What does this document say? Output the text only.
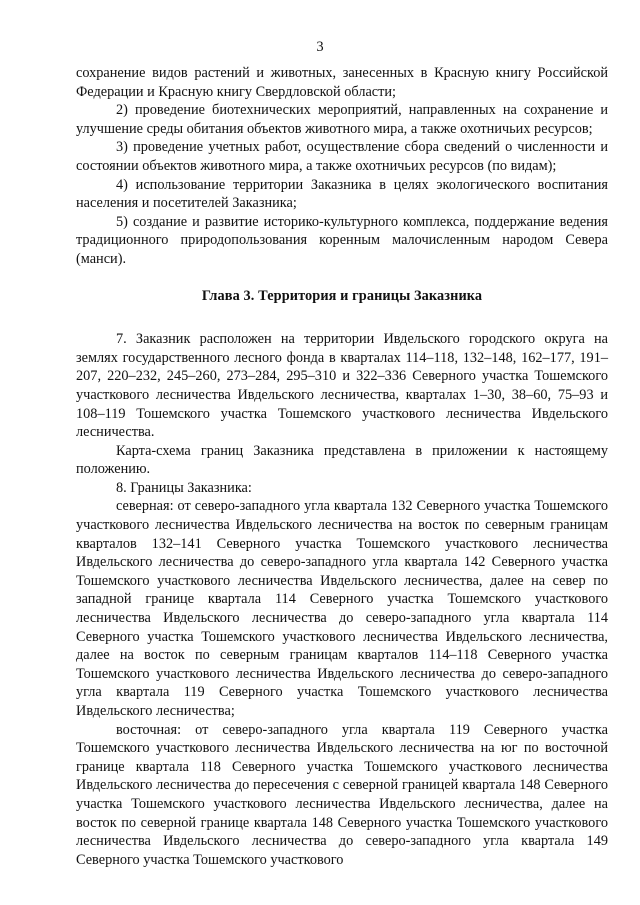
3

сохранение видов растений и животных, занесенных в Красную книгу Российской Федерации и Красную книгу Свердловской области;

2) проведение биотехнических мероприятий, направленных на сохранение и улучшение среды обитания объектов животного мира, а также охотничьих ресурсов;

3) проведение учетных работ, осуществление сбора сведений о численности и состоянии объектов животного мира, а также охотничьих ресурсов (по видам);

4) использование территории Заказника в целях экологического воспитания населения и посетителей Заказника;

5) создание и развитие историко-культурного комплекса, поддержание ведения традиционного природопользования коренным малочисленным народом Севера (манси).

Глава 3. Территория и границы Заказника

7. Заказник расположен на территории Ивдельского городского округа на землях государственного лесного фонда в кварталах 114–118, 132–148, 162–177, 191–207, 220–232, 245–260, 273–284, 295–310 и 322–336 Северного участка Тошемского участкового лесничества Ивдельского лесничества, кварталах 1–30, 38–60, 75–93 и 108–119 Тошемского участка Тошемского участкового лесничества Ивдельского лесничества.

Карта-схема границ Заказника представлена в приложении к настоящему положению.

8. Границы Заказника:

северная: от северо-западного угла квартала 132 Северного участка Тошемского участкового лесничества Ивдельского лесничества на восток по северным границам кварталов 132–141 Северного участка Тошемского участкового лесничества Ивдельского лесничества до северо-западного угла квартала 142 Северного участка Тошемского участкового лесничества Ивдельского лесничества, далее на север по западной границе квартала 114 Северного участка Тошемского участкового лесничества Ивдельского лесничества до северо-западного угла квартала 114 Северного участка Тошемского участкового лесничества Ивдельского лесничества, далее на восток по северным границам кварталов 114–118 Северного участка Тошемского участкового лесничества Ивдельского лесничества до северо-западного угла квартала 119 Северного участка Тошемского участкового лесничества Ивдельского лесничества;

восточная: от северо-западного угла квартала 119 Северного участка Тошемского участкового лесничества Ивдельского лесничества на юг по восточной границе квартала 118 Северного участка Тошемского участкового лесничества Ивдельского лесничества до пересечения с северной границей квартала 148 Северного участка Тошемского участкового лесничества Ивдельского лесничества, далее на восток по северной границе квартала 148 Северного участка Тошемского участкового лесничества Ивдельского лесничества до северо-западного угла квартала 149 Северного участка Тошемского участкового
